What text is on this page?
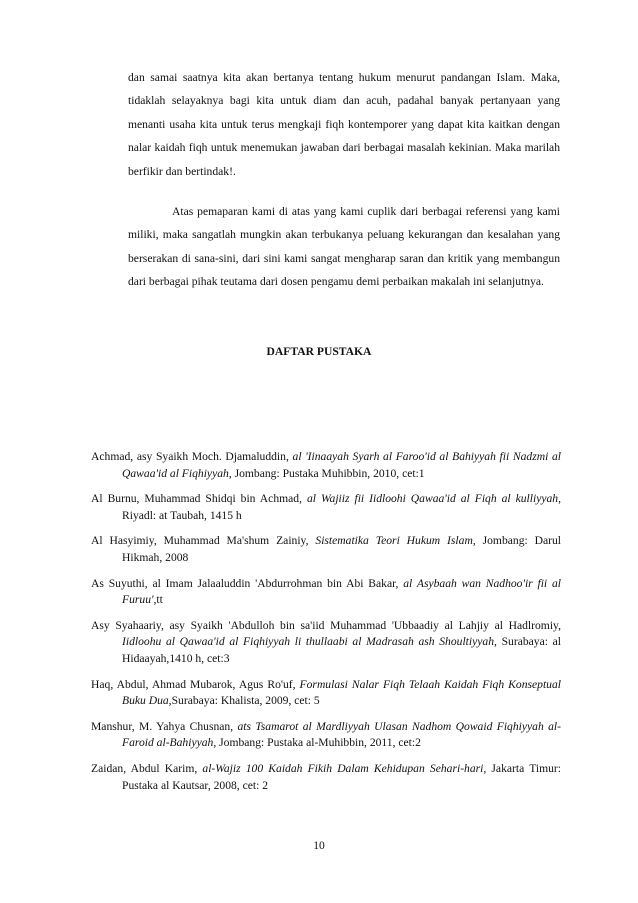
dan samai saatnya kita akan bertanya tentang hukum menurut pandangan Islam. Maka, tidaklah selayaknya bagi kita untuk diam dan acuh, padahal banyak pertanyaan yang menanti usaha kita untuk terus mengkaji fiqh kontemporer yang dapat kita kaitkan dengan nalar kaidah fiqh untuk menemukan jawaban dari berbagai masalah kekinian. Maka marilah berfikir dan bertindak!.

Atas pemaparan kami di atas yang kami cuplik dari berbagai referensi yang kami miliki, maka sangatlah mungkin akan terbukanya peluang kekurangan dan kesalahan yang berserakan di sana-sini, dari sini kami sangat mengharap saran dan kritik yang membangun dari berbagai pihak teutama dari dosen pengamu demi perbaikan makalah ini selanjutnya.

DAFTAR PUSTAKA
Achmad, asy Syaikh Moch. Djamaluddin, al 'Iinaayah Syarh al Faroo'id al Bahiyyah fii Nadzmi al Qawaa'id al Fiqhiyyah, Jombang: Pustaka Muhibbin, 2010, cet:1
Al Burnu, Muhammad Shidqi bin Achmad, al Wajiiz fii Iidloohi Qawaa'id al Fiqh al kulliyyah, Riyadl: at Taubah, 1415 h
Al Hasyimiy, Muhammad Ma'shum Zainiy, Sistematika Teori Hukum Islam, Jombang: Darul Hikmah, 2008
As Suyuthi, al Imam Jalaaluddin 'Abdurrohman bin Abi Bakar, al Asybaah wan Nadhoo'ir fii al Furuu',tt
Asy Syahaariy, asy Syaikh 'Abdulloh bin sa'iid Muhammad 'Ubbaadiy al Lahjiy al Hadlromiy, Iidloohu al Qawaa'id al Fiqhiyyah li thullaabi al Madrasah ash Shoultiyyah, Surabaya: al Hidaayah,1410 h, cet:3
Haq, Abdul, Ahmad Mubarok, Agus Ro'uf, Formulasi Nalar Fiqh Telaah Kaidah Fiqh Konseptual Buku Dua,Surabaya: Khalista, 2009, cet: 5
Manshur, M. Yahya Chusnan, ats Tsamarot al Mardliyyah Ulasan Nadhom Qowaid Fiqhiyyah al-Faroid al-Bahiyyah, Jombang: Pustaka al-Muhibbin, 2011, cet:2
Zaidan, Abdul Karim, al-Wajiz 100 Kaidah Fikih Dalam Kehidupan Sehari-hari, Jakarta Timur: Pustaka al Kautsar, 2008, cet: 2

10
